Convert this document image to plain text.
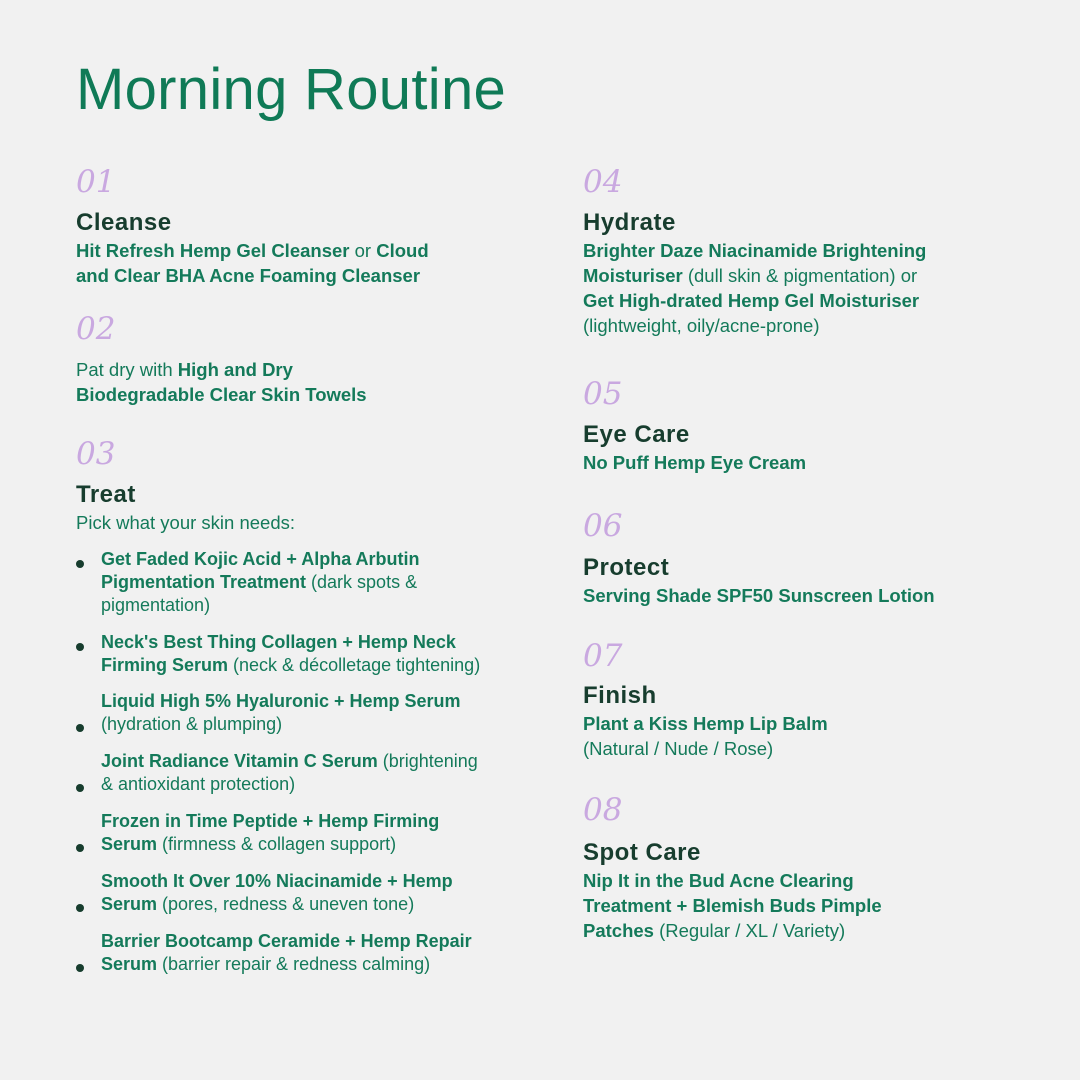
Morning Routine
01
Cleanse
Hit Refresh Hemp Gel Cleanser or Cloud
and Clear BHA Acne Foaming Cleanser
02
Pat dry with High and Dry
Biodegradable Clear Skin Towels
03
Treat
Pick what your skin needs:
Get Faded Kojic Acid + Alpha Arbutin
Pigmentation Treatment (dark spots &
pigmentation)
Neck's Best Thing Collagen + Hemp Neck
Firming Serum (neck & décolletage tightening)
Liquid High 5% Hyaluronic + Hemp Serum
(hydration & plumping)
Joint Radiance Vitamin C Serum (brightening
& antioxidant protection)
Frozen in Time Peptide + Hemp Firming
Serum (firmness & collagen support)
Smooth It Over 10% Niacinamide + Hemp
Serum (pores, redness & uneven tone)
Barrier Bootcamp Ceramide + Hemp Repair
Serum (barrier repair & redness calming)
04
Hydrate
Brighter Daze Niacinamide Brightening
Moisturiser (dull skin & pigmentation) or
Get High-drated Hemp Gel Moisturiser
(lightweight, oily/acne-prone)
05
Eye Care
No Puff Hemp Eye Cream
06
Protect
Serving Shade SPF50 Sunscreen Lotion
07
Finish
Plant a Kiss Hemp Lip Balm
(Natural / Nude / Rose)
08
Spot Care
Nip It in the Bud Acne Clearing
Treatment + Blemish Buds Pimple
Patches (Regular / XL / Variety)
